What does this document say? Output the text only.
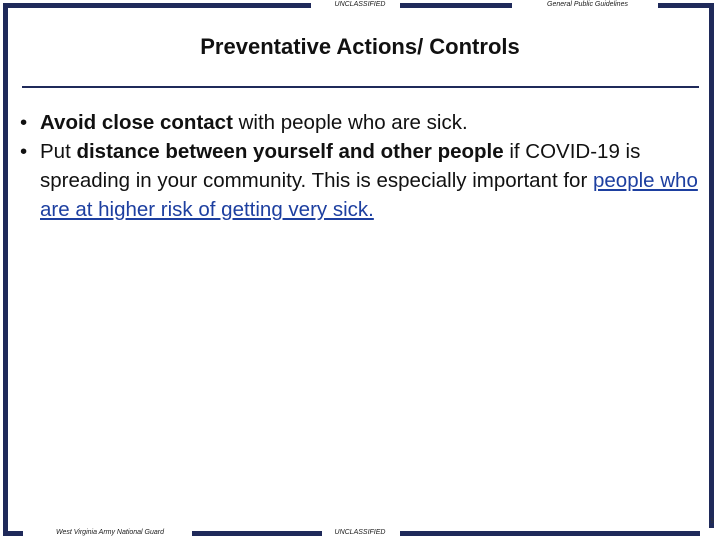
UNCLASSIFIED	General Public Guidelines
Preventative Actions/ Controls
• Avoid close contact with people who are sick.
• Put distance between yourself and other people if COVID-19 is spreading in your community. This is especially important for people who are at higher risk of getting very sick.
West Virginia Army National Guard	UNCLASSIFIED
5
